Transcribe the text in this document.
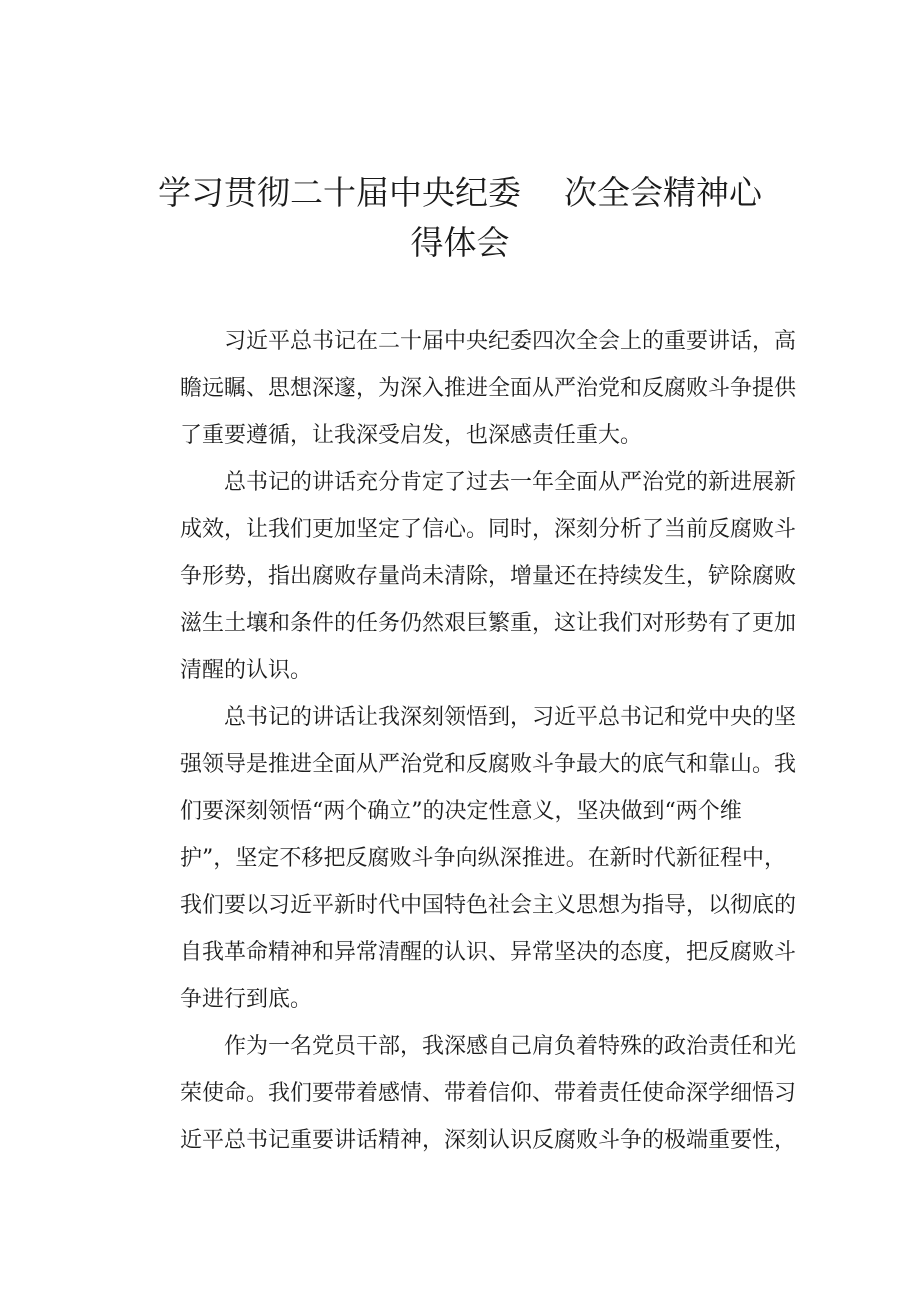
学习贯彻二十届中央纪委 次全会精神心
得体会
习近平总书记在二十届中央纪委四次全会上的重要讲话，高
瞻远瞩、思想深邃，为深入推进全面从严治党和反腐败斗争提供
了重要遵循，让我深受启发，也深感责任重大。
总书记的讲话充分肯定了过去一年全面从严治党的新进展新
成效，让我们更加坚定了信心。同时，深刻分析了当前反腐败斗
争形势，指出腐败存量尚未清除，增量还在持续发生，铲除腐败
滋生土壤和条件的任务仍然艰巨繁重，这让我们对形势有了更加
清醒的认识。
总书记的讲话让我深刻领悟到，习近平总书记和党中央的坚
强领导是推进全面从严治党和反腐败斗争最大的底气和靠山。我
们要深刻领悟“两个确立”的决定性意义，坚决做到“两个维
护”，坚定不移把反腐败斗争向纵深推进。在新时代新征程中，
我们要以习近平新时代中国特色社会主义思想为指导，以彻底的
自我革命精神和异常清醒的认识、异常坚决的态度，把反腐败斗
争进行到底。
作为一名党员干部，我深感自己肩负着特殊的政治责任和光
荣使命。我们要带着感情、带着信仰、带着责任使命深学细悟习
近平总书记重要讲话精神，深刻认识反腐败斗争的极端重要性，
